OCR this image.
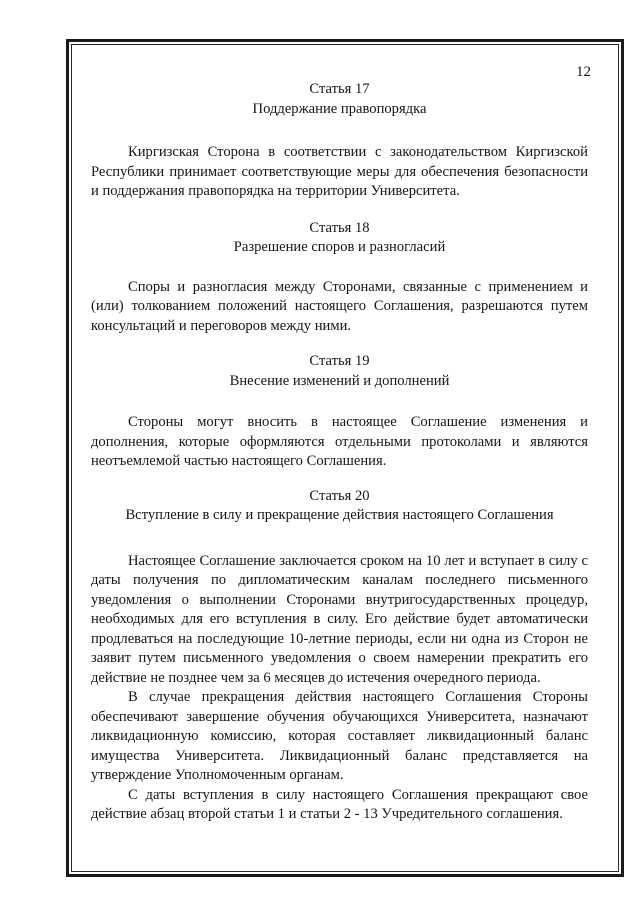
12
Статья 17
Поддержание правопорядка

Киргизская Сторона в соответствии с законодательством Киргизской Республики принимает соответствующие меры для обеспечения безопасности и поддержания правопорядка на территории Университета.

Статья 18
Разрешение споров и разногласий

Споры и разногласия между Сторонами, связанные с применением и (или) толкованием положений настоящего Соглашения, разрешаются путем консультаций и переговоров между ними.

Статья 19
Внесение изменений и дополнений

Стороны могут вносить в настоящее Соглашение изменения и дополнения, которые оформляются отдельными протоколами и являются неотъемлемой частью настоящего Соглашения.

Статья 20
Вступление в силу и прекращение действия настоящего Соглашения

Настоящее Соглашение заключается сроком на 10 лет и вступает в силу с даты получения по дипломатическим каналам последнего письменного уведомления о выполнении Сторонами внутригосударственных процедур, необходимых для его вступления в силу. Его действие будет автоматически продлеваться на последующие 10-летние периоды, если ни одна из Сторон не заявит путем письменного уведомления о своем намерении прекратить его действие не позднее чем за 6 месяцев до истечения очередного периода.

В случае прекращения действия настоящего Соглашения Стороны обеспечивают завершение обучения обучающихся Университета, назначают ликвидационную комиссию, которая составляет ликвидационный баланс имущества Университета. Ликвидационный баланс представляется на утверждение Уполномоченным органам.

С даты вступления в силу настоящего Соглашения прекращают свое действие абзац второй статьи 1 и статьи 2 - 13 Учредительного соглашения.
